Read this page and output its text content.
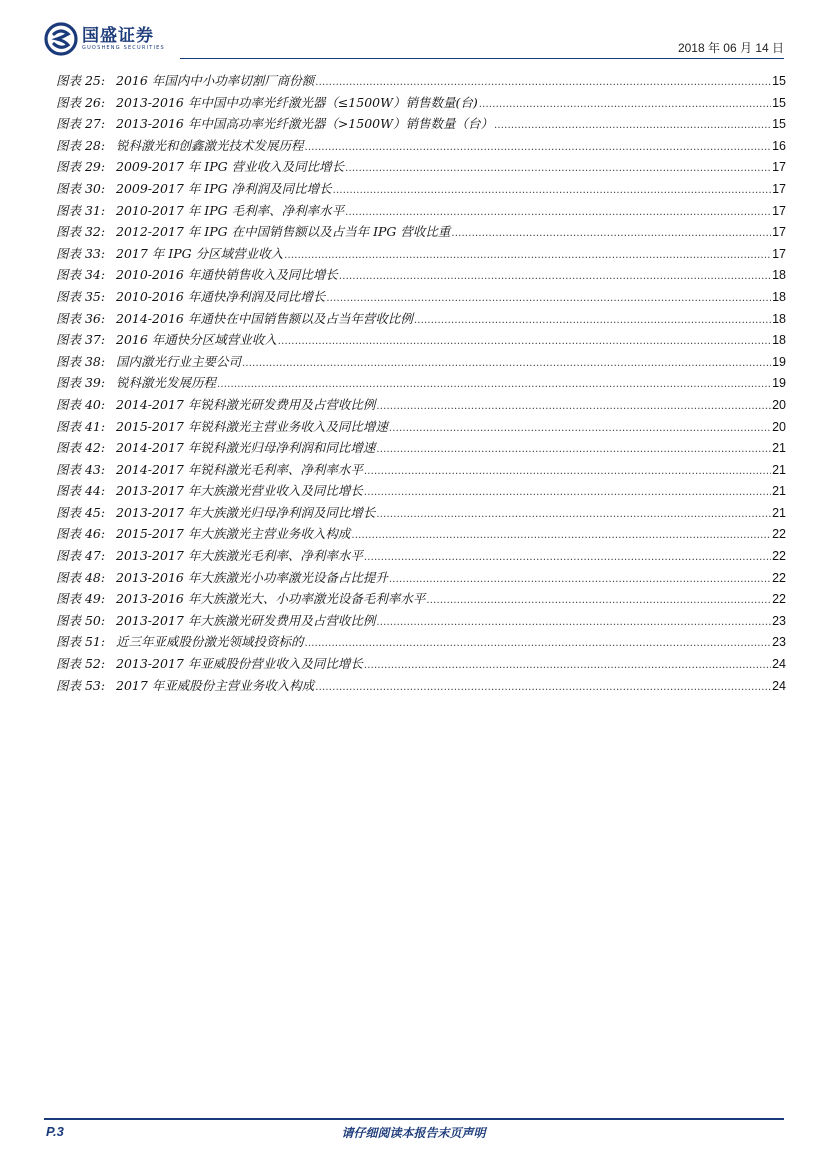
国盛证券
GUOSHENG SECURITIES	2018 年 06 月 14 日
图表 25: 2016 年国内中小功率切割厂商份额 .....	15
图表 26: 2013-2016 年中国中功率光纤激光器（≤1500W）销售数量(台) .....	15
图表 27: 2013-2016 年中国高功率光纤激光器（>1500W）销售数量（台） .....	15
图表 28: 锐科激光和创鑫激光技术发展历程 .....	16
图表 29: 2009-2017 年 IPG 营业收入及同比增长 .....	17
图表 30: 2009-2017 年 IPG 净利润及同比增长 .....	17
图表 31: 2010-2017 年 IPG 毛利率、净利率水平 .....	17
图表 32: 2012-2017 年 IPG 在中国销售额以及占当年 IPG 营收比重 .....	17
图表 33: 2017 年 IPG 分区域营业收入 .....	17
图表 34: 2010-2016 年通快销售收入及同比增长 .....	18
图表 35: 2010-2016 年通快净利润及同比增长 .....	18
图表 36: 2014-2016 年通快在中国销售额以及占当年营收比例 .....	18
图表 37: 2016 年通快分区域营业收入 .....	18
图表 38: 国内激光行业主要公司 .....	19
图表 39: 锐科激光发展历程 .....	19
图表 40: 2014-2017 年锐科激光研发费用及占营收比例 .....	20
图表 41: 2015-2017 年锐科激光主营业务收入及同比增速 .....	20
图表 42: 2014-2017 年锐科激光归母净利润和同比增速 .....	21
图表 43: 2014-2017 年锐科激光毛利率、净利率水平 .....	21
图表 44: 2013-2017 年大族激光营业收入及同比增长 .....	21
图表 45: 2013-2017 年大族激光归母净利润及同比增长 .....	21
图表 46: 2015-2017 年大族激光主营业务收入构成 .....	22
图表 47: 2013-2017 年大族激光毛利率、净利率水平 .....	22
图表 48: 2013-2016 年大族激光小功率激光设备占比提升 .....	22
图表 49: 2013-2016 年大族激光大、小功率激光设备毛利率水平 .....	22
图表 50: 2013-2017 年大族激光研发费用及占营收比例 .....	23
图表 51: 近三年亚威股份激光领域投资标的 .....	23
图表 52: 2013-2017 年亚威股份营业收入及同比增长 .....	24
图表 53: 2017 年亚威股份主营业务收入构成 .....	24
P.3	请仔细阅读本报告末页声明
